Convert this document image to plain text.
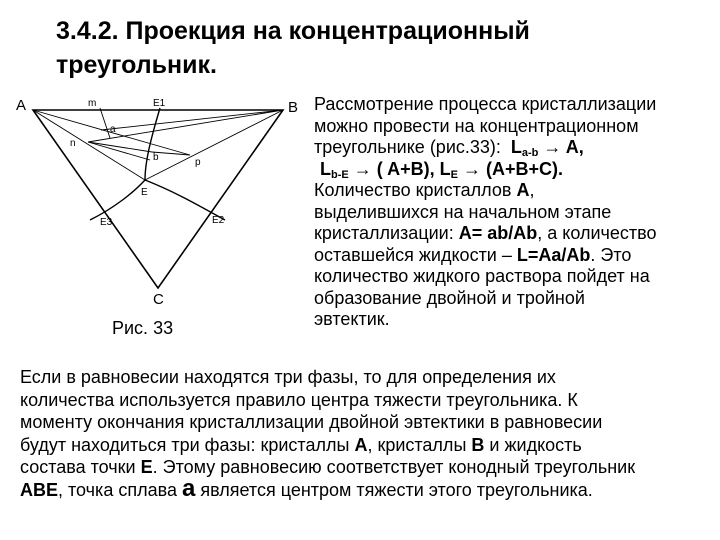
3.4.2. Проекция на концентрационный треугольник.
A	B
C
m	E1
n
a
b	p
E
E3	E2
Рис. 33
Рассмотрение процесса кристаллизации
можно провести на концентрационном
треугольнике (рис.33): $L_{a-b} \to A$,
$L_{b-E}$ → ( A+B), $L_E \to (A+B+C)$.
Количество кристаллов A,
выделившихся на начальном этапе
кристаллизации: A= ab/Ab, а количество
оставшейся жидкости – L=Aa/Ab. Это
количество жидкого раствора пойдет на
образование двойной и тройной
эвтектик.
Если в равновесии находятся три фазы, то для определения их
количества используется правило центра тяжести треугольника. К
моменту окончания кристаллизации двойной эвтектики в равновесии
будут находиться три фазы: кристаллы A, кристаллы B и жидкость
состава точки E. Этому равновесию соответствует конодный треугольник
ABE, точка сплава а является центром тяжести этого треугольника.
